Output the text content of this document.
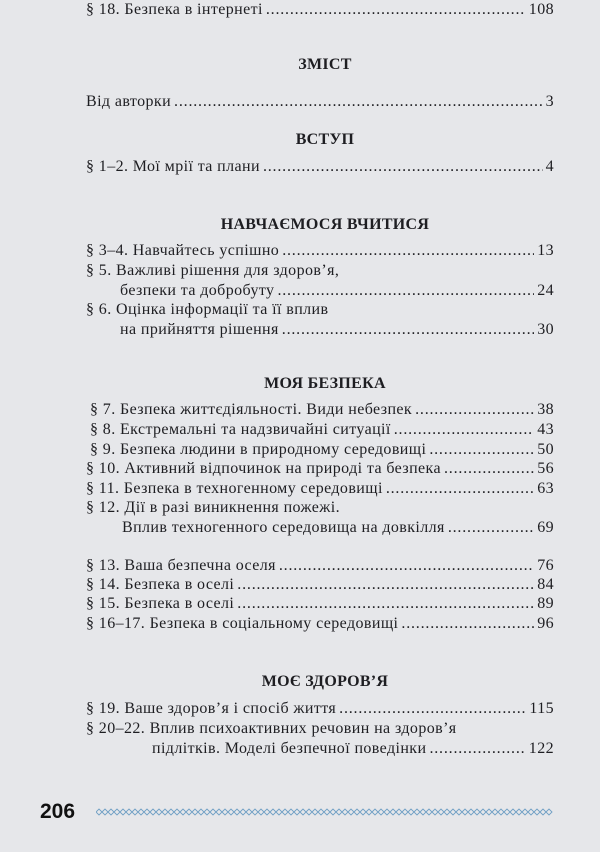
ЗМІСТ
Від авторки . . .	3
ВСТУП
§ 1–2. Мої мрії та плани . . .	4
НАВЧАЄМОСЯ ВЧИТИСЯ
§ 3–4. Навчайтесь успішно . . .	13
§ 5. Важливі рішення для здоров’я,
безпеки та добробуту . . .	24
§ 6. Оцінка інформації та її вплив
на прийняття рішення . . .	30
МОЯ БЕЗПЕКА
§ 7. Безпека життєдіяльності. Види небезпек . . .	38
§ 8. Екстремальні та надзвичайні ситуації . . .	43
§ 9. Безпека людини в природному середовищі . . .	50
§ 10. Активний відпочинок на природі та безпека . . .	56
§ 11. Безпека в техногенному середовищі . . .	63
§ 12. Дії в разі виникнення пожежі.
Вплив техногенного середовища на довкілля . . .	69
§ 13. Ваша безпечна оселя . . .	76
§ 14. Безпека в оселі . . .	84
§ 15. Безпека в оселі . . .	89
§ 16–17. Безпека в соціальному середовищі . . .	96
§ 18. Безпека в інтернеті . . .	108
МОЄ ЗДОРОВ’Я
§ 19. Ваше здоров’я і спосіб життя . . .	115
§ 20–22. Вплив психоактивних речовин на здоров’я
підлітків. Моделі безпечної поведінки . . .	122
206
